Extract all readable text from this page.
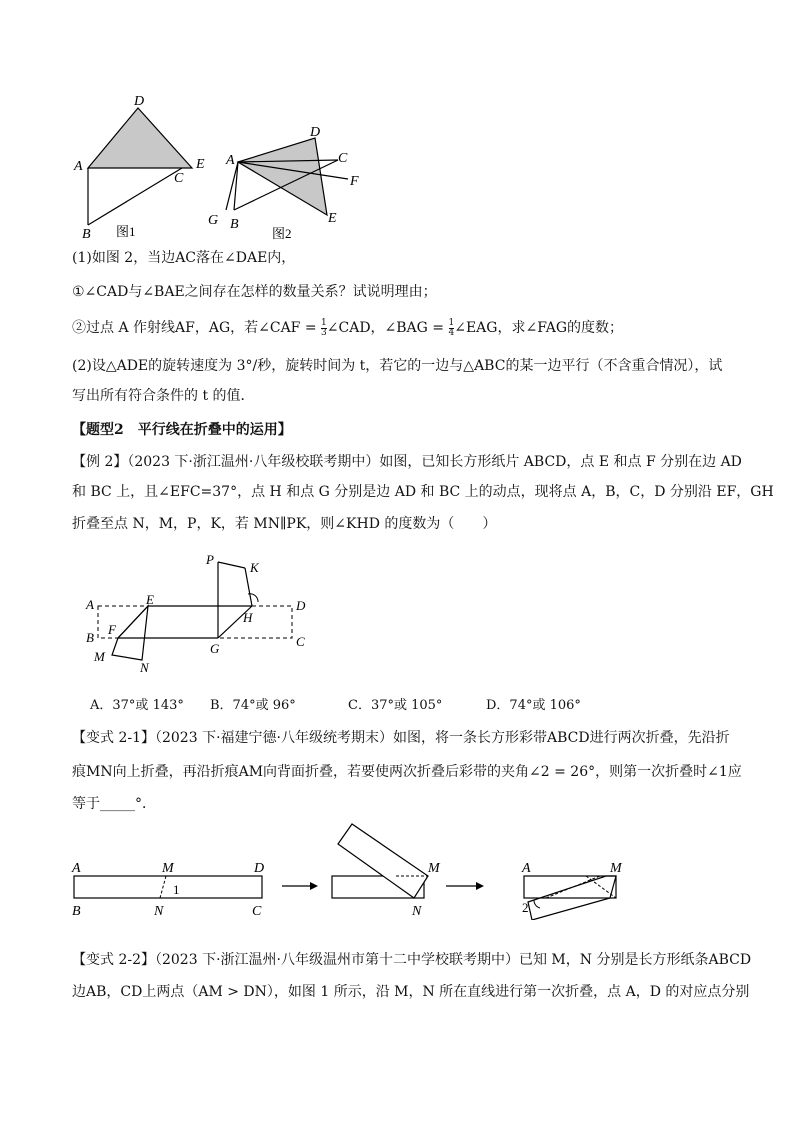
D
A	E
C
B 图1
A
D
C
F
G B	E
图2
(1)如图 2，当边AC落在∠DAE内，
①∠CAD与∠BAE之间存在怎样的数量关系？试说明理由；
②过点 A 作射线AF，AG，若∠CAF = $\frac{1}{3}$ ∠CAD，∠BAG = $\frac{1}{4}$ ∠EAG，求∠FAG的度数；
(2)设△ADE的旋转速度为 3°/秒，旋转时间为 t，若它的一边与△ABC的某一边平行（不含重合情况），试
写出所有符合条件的 t 的值．
【题型2　平行线在折叠中的运用】
【例 2】（2023 下·浙江温州·八年级校联考期中）如图，已知长方形纸片 ABCD，点 E 和点 F 分别在边 AD
和 BC 上，且∠EFC=37°，点 H 和点 G 分别是边 AD 和 BC 上的动点，现将点 A，B，C，D 分别沿 EF，GH
折叠至点 N，M，P，K，若 MN∥PK，则∠KHD 的度数为（　　）
P
K
A	E	D
H
B
F
C
M
G
N
A．37°或 143° B．74°或 96°	C．37°或 105°	D．74°或 106°
【变式 2-1】（2023 下·福建宁德·八年级统考期末）如图，将一条长方形彩带ABCD进行两次折叠，先沿折
痕MN向上折叠，再沿折痕AM向背面折叠，若要使两次折叠后彩带的夹角∠2 = 26°，则第一次折叠时∠1应
等于_____°．
A	M	D
1
B	N	C
M
N
A	M
2
【变式 2-2】（2023 下·浙江温州·八年级温州市第十二中学校联考期中）已知 M，N 分别是长方形纸条ABCD
边AB，CD上两点（AM > DN），如图 1 所示，沿 M，N 所在直线进行第一次折叠，点 A，D 的对应点分别
